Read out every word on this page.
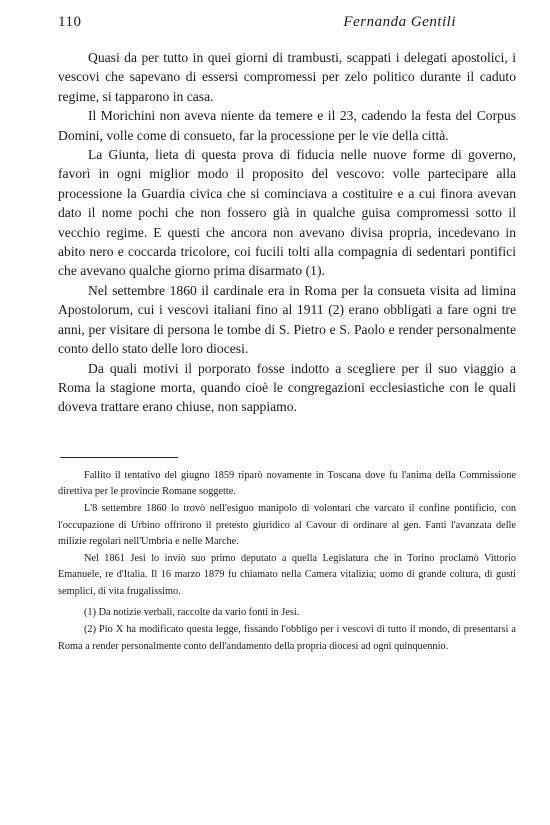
110	Fernanda Gentili

Quasi da per tutto in quei giorni di trambusti, scappati i delegati apostolici, i vescovi che sapevano di essersi compromessi per zelo politico durante il caduto regime, si tapparono in casa.

Il Morichini non aveva niente da temere e il 23, cadendo la festa del Corpus Domini, volle come di consueto, far la processione per le vie della città.

La Giunta, lieta di questa prova di fiducia nelle nuove forme di governo, favorì in ogni miglior modo il proposito del vescovo: volle partecipare alla processione la Guardia civica che si cominciava a costituire e a cui finora avevan dato il nome pochi che non fossero già in qualche guisa compromessi sotto il vecchio regime. E questi che ancora non avevano divisa propria, incedevano in abito nero e coccarda tricolore, coi fucili tolti alla compagnia di sedentari pontifici che avevano qualche giorno prima disarmato (1).

Nel settembre 1860 il cardinale era in Roma per la consueta visita ad limina Apostolorum, cui i vescovi italiani fino al 1911 (2) erano obbligati a fare ogni tre anni, per visitare di persona le tombe di S. Pietro e S. Paolo e render personalmente conto dello stato delle loro diocesi.

Da quali motivi il porporato fosse indotto a scegliere per il suo viaggio a Roma la stagione morta, quando cioè le congregazioni ecclesiastiche con le quali doveva trattare erano chiuse, non sappiamo.

Fallito il tentativo del giugno 1859 riparò novamente in Toscana dove fu l'anima della Commissione direttiva per le provincie Romane soggette.

L'8 settembre 1860 lo trovò nell'esiguo manipolo di volontari che varcato il confine pontificio, con l'occupazione di Urbino offrirono il pretesto giuridico al Cavour di ordinare al gen. Fanti l'avanzata delle milizie regolari nell'Umbria e nelle Marche.

Nel 1861 Jesi lo inviò suo primo deputato a quella Legislatura che in Torino proclamò Vittorio Emanuele, re d'Italia. Il 16 marzo 1879 fu chiamato nella Camera vitalizia; uomo di grande coltura, di gusti semplici, di vita frugalissimo.

(1) Da notizie verbali, raccolte da vario fonti in Jesi.

(2) Pio X ha modificato questa legge, fissando l'obbligo per i vescovi di tutto il mondo, di presentarsi a Roma a render personalmente conto dell'andamento della propria diocesi ad ogni quinquennio.
